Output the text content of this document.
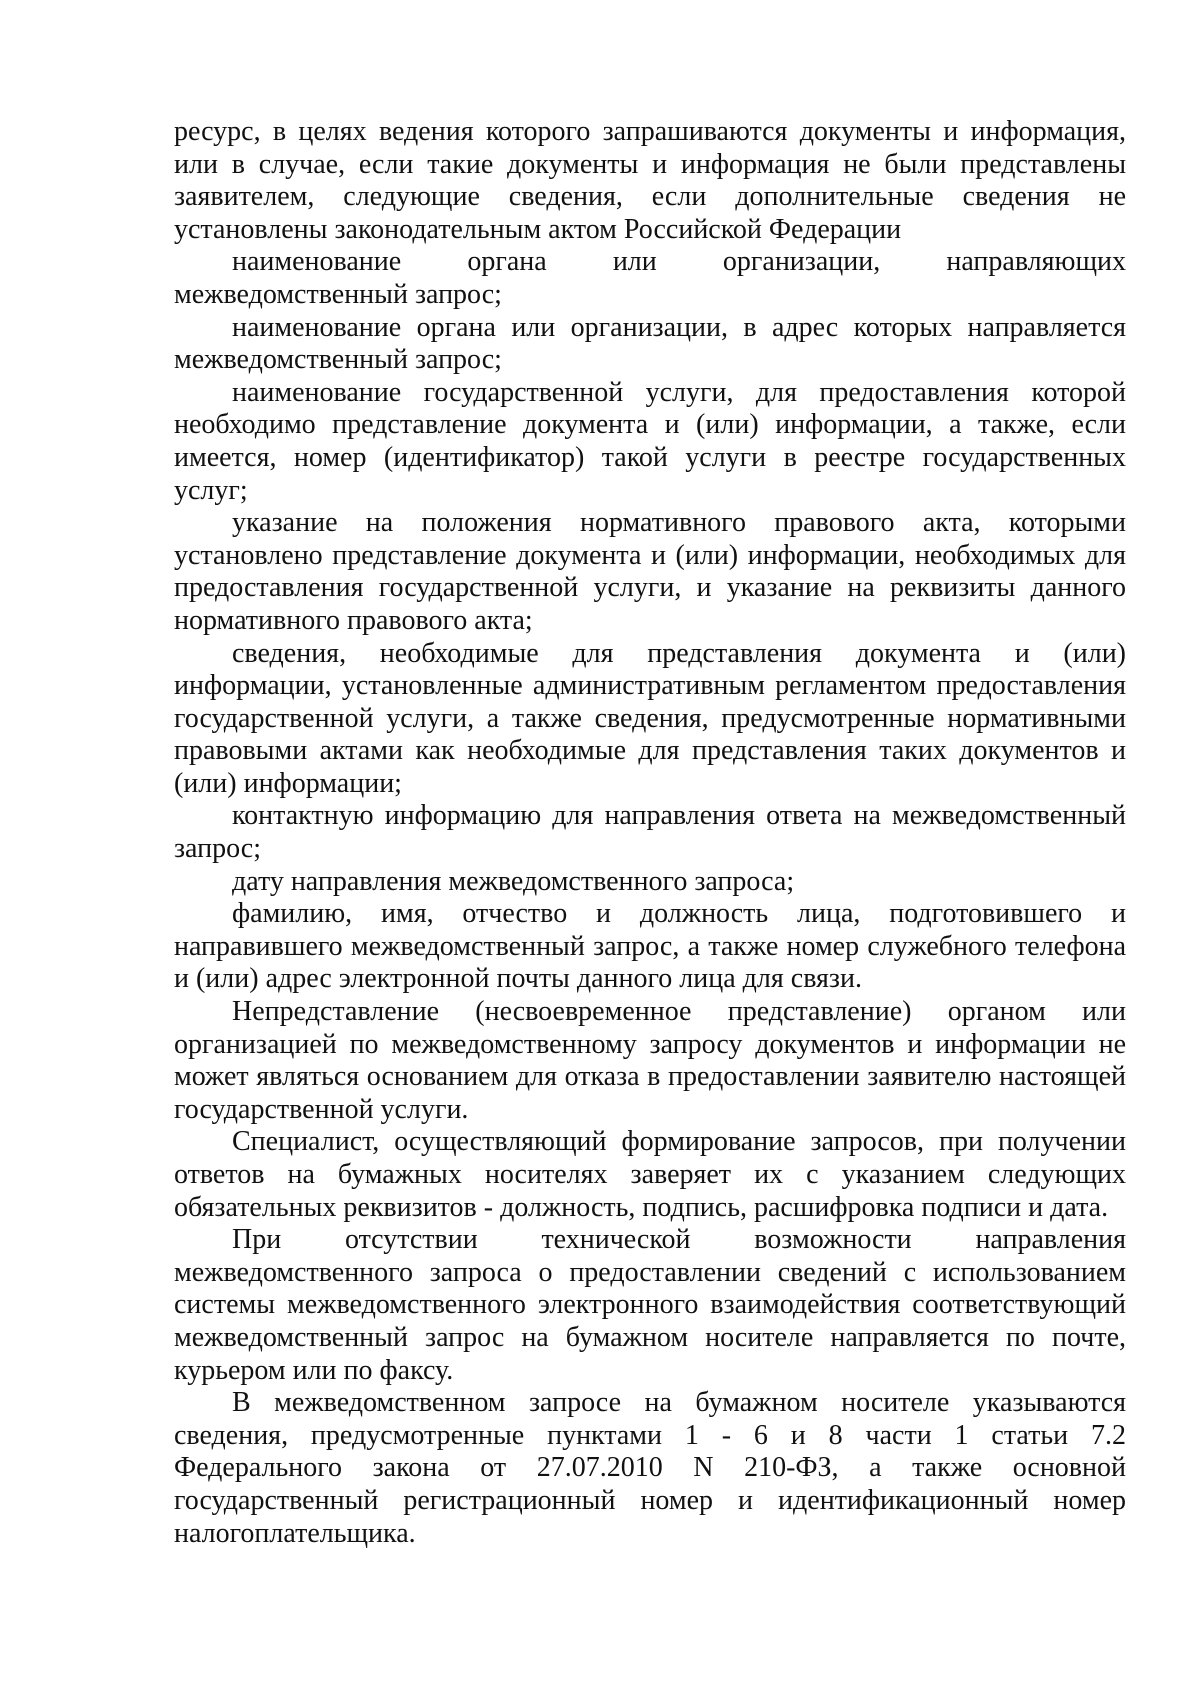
ресурс, в целях ведения которого запрашиваются документы и информация, или в случае, если такие документы и информация не были представлены заявителем, следующие сведения, если дополнительные сведения не установлены законодательным актом Российской Федерации

наименование органа или организации, направляющих межведомственный запрос;

наименование органа или организации, в адрес которых направляется межведомственный запрос;

наименование государственной услуги, для предоставления которой необходимо представление документа и (или) информации, а также, если имеется, номер (идентификатор) такой услуги в реестре государственных услуг;

указание на положения нормативного правового акта, которыми установлено представление документа и (или) информации, необходимых для предоставления государственной услуги, и указание на реквизиты данного нормативного правового акта;

сведения, необходимые для представления документа и (или) информации, установленные административным регламентом предоставления государственной услуги, а также сведения, предусмотренные нормативными правовыми актами как необходимые для представления таких документов и (или) информации;

контактную информацию для направления ответа на межведомственный запрос;

дату направления межведомственного запроса;

фамилию, имя, отчество и должность лица, подготовившего и направившего межведомственный запрос, а также номер служебного телефона и (или) адрес электронной почты данного лица для связи.

Непредставление (несвоевременное представление) органом или организацией по межведомственному запросу документов и информации не может являться основанием для отказа в предоставлении заявителю настоящей государственной услуги.

Специалист, осуществляющий формирование запросов, при получении ответов на бумажных носителях заверяет их с указанием следующих обязательных реквизитов - должность, подпись, расшифровка подписи и дата.

При отсутствии технической возможности направления межведомственного запроса о предоставлении сведений с использованием системы межведомственного электронного взаимодействия соответствующий межведомственный запрос на бумажном носителе направляется по почте, курьером или по факсу.

В межведомственном запросе на бумажном носителе указываются сведения, предусмотренные пунктами 1 - 6 и 8 части 1 статьи 7.2 Федерального закона от 27.07.2010 N 210-ФЗ, а также основной государственный регистрационный номер и идентификационный номер налогоплательщика.
